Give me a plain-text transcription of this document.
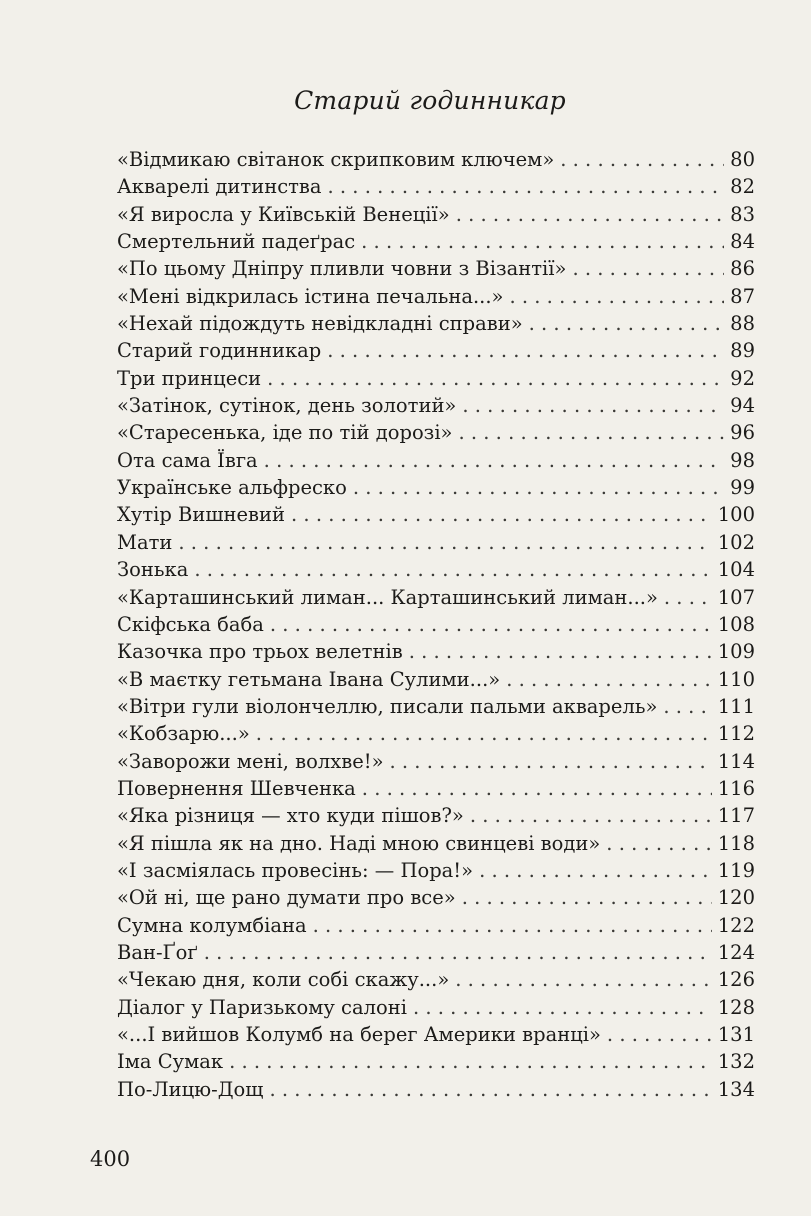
Старий годинникар
«Відмикаю світанок скрипковим ключем» . . .	80
Акварелі дитинства . . .	82
«Я виросла у Київській Венеції» . . .	83
Смертельний падеґрас . . .	84
«По цьому Дніпру пливли човни з Візантії» . . .	86
«Мені відкрилась істина печальна...» . . .	87
«Нехай підождуть невідкладні справи» . . .	88
Старий годинникар . . .	89
Три принцеси . . .	92
«Затінок, сутінок, день золотий» . . .	94
«Старесенька, іде по тій дорозі» . . .	96
Ота сама Ївга . . .	98
Українське альфреско . . .	99
Хутір Вишневий . . .	100
Мати . . .	102
Зонька . . .	104
«Карташинський лиман... Карташинський лиман...» . . .	107
Скіфська баба . . .	108
Казочка про трьох велетнів . . .	109
«В маєтку гетьмана Івана Сулими...» . . .	110
«Вітри гули віолончеллю, писали пальми акварель» . . .	111
«Кобзарю...» . . .	112
«Заворожи мені, волхве!» . . .	114
Повернення Шевченка . . .	116
«Яка різниця — хто куди пішов?» . . .	117
«Я пішла як на дно. Наді мною свинцеві води» . . .	118
«І засміялась провесінь: — Пора!» . . .	119
«Ой ні, ще рано думати про все» . . .	120
Сумна колумбіана . . .	122
Ван-Ґоґ . . .	124
«Чекаю дня, коли собі скажу...» . . .	126
Діалог у Паризькому салоні . . .	128
«...І вийшов Колумб на берег Америки вранці» . . .	131
Іма Сумак . . .	132
По-Лицю-Дощ . . .	134
400
